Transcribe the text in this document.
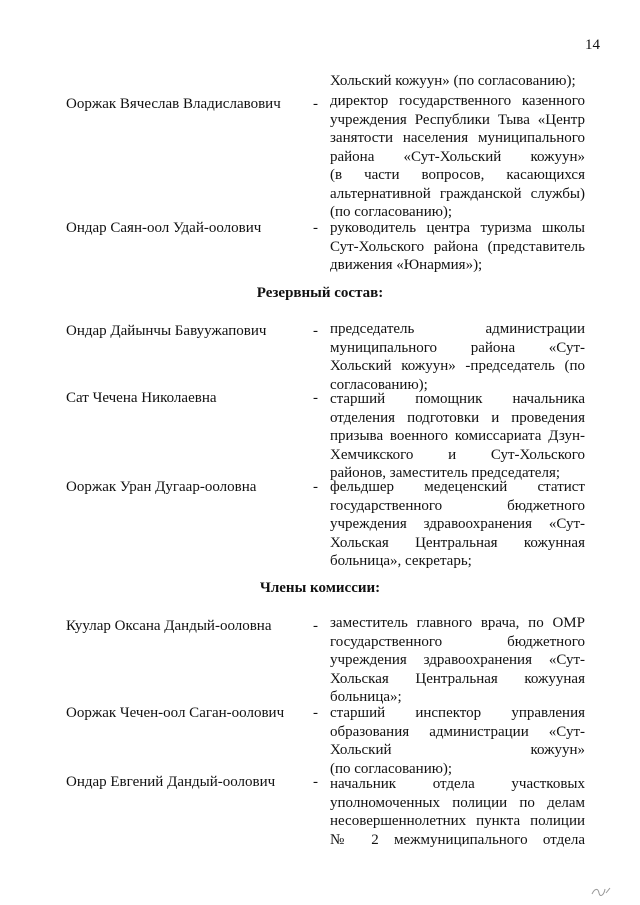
14
Хольский кожуун» (по согласованию);
Ооржак Вячеслав Владиславович - директор государственного казенного
учреждения Республики Тыва «Центр
занятости населения муниципального
района «Сут-Хольский кожуун»
(в части вопросов, касающихся
альтернативной гражданской службы)
(по согласованию);
Ондар Саян-оол Удай-оолович	- руководитель центра туризма школы
Сут-Хольского района (представитель
движения «Юнармия»);
Резервный состав:
Ондар Дайынчы Бавуужапович	- председатель администрации
муниципального района «Сут-
Хольский кожуун» -председатель (по
согласованию);
Сат Чечена Николаевна	- старший помощник начальника
отделения подготовки и проведения
призыва военного комиссариата Дзун-
Хемчикского и Сут-Хольского
районов, заместитель председателя;
Ооржак Уран Дугаар-ооловна	- фельдшер медеценский статист
государственного бюджетного
учреждения здравоохранения «Сут-
Хольская Центральная кожунная
больница», секретарь;
Члены комиссии:
Куулар Оксана Дандый-ооловна	- заместитель главного врача, по ОМР
государственного бюджетного
учреждения здравоохранения «Сут-
Хольская Центральная кожууная
больница»;
Ооржак Чечен-оол Саган-оолович - старший инспектор управления
образования администрации «Сут-
Хольский кожуун»
(по согласованию);
Ондар Евгений Дандый-оолович	- начальник отдела участковых
уполномоченных полиции по делам
несовершеннолетних пункта полиции
№ 2 межмуниципального отдела
